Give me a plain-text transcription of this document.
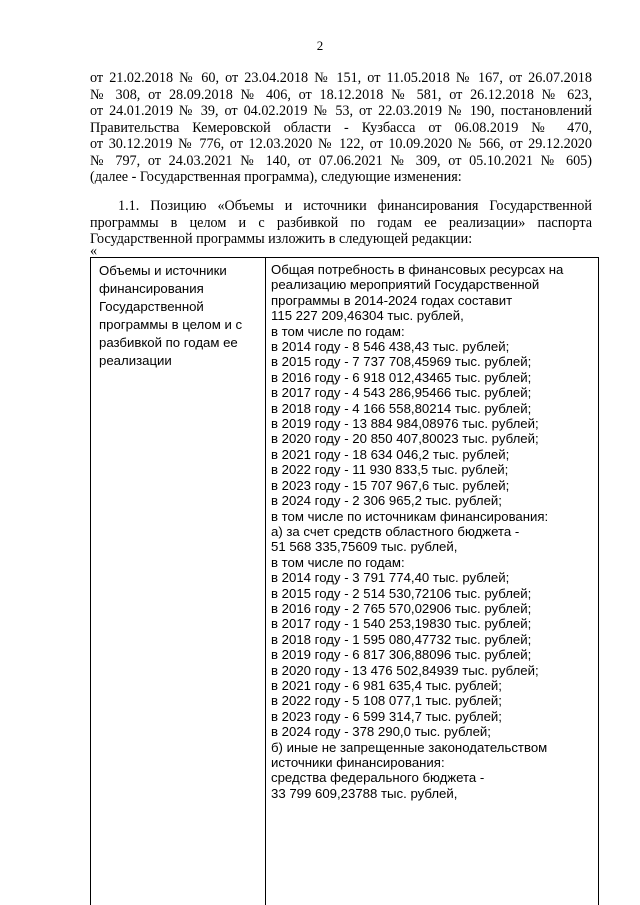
2
от 21.02.2018 № 60, от 23.04.2018 № 151, от 11.05.2018 № 167, от 26.07.2018
№ 308, от 28.09.2018 № 406, от 18.12.2018 № 581, от 26.12.2018 № 623,
от 24.01.2019 № 39, от 04.02.2019 № 53, от 22.03.2019 № 190, постановлений
Правительства Кемеровской области - Кузбасса от 06.08.2019 № 470,
от 30.12.2019 № 776, от 12.03.2020 № 122, от 10.09.2020 № 566, от 29.12.2020
№ 797, от 24.03.2021 № 140, от 07.06.2021 № 309, от 05.10.2021 № 605)
(далее - Государственная программа), следующие изменения:
1.1. Позицию «Объемы и источники финансирования Государственной
программы в целом и с разбивкой по годам ее реализации» паспорта
Государственной программы изложить в следующей редакции:
«
Объемы и источники
финансирования
Государственной
программы в целом и с
разбивкой по годам ее
реализации
Общая потребность в финансовых ресурсах на
реализацию мероприятий Государственной
программы в 2014-2024 годах составит
115 227 209,46304 тыс. рублей,
в том числе по годам:
в 2014 году - 8 546 438,43 тыс. рублей;
в 2015 году - 7 737 708,45969 тыс. рублей;
в 2016 году - 6 918 012,43465 тыс. рублей;
в 2017 году - 4 543 286,95466 тыс. рублей;
в 2018 году - 4 166 558,80214 тыс. рублей;
в 2019 году - 13 884 984,08976 тыс. рублей;
в 2020 году - 20 850 407,80023 тыс. рублей;
в 2021 году - 18 634 046,2 тыс. рублей;
в 2022 году - 11 930 833,5 тыс. рублей;
в 2023 году - 15 707 967,6 тыс. рублей;
в 2024 году - 2 306 965,2 тыс. рублей;
в том числе по источникам финансирования:
а) за счет средств областного бюджета -
51 568 335,75609 тыс. рублей,
в том числе по годам:
в 2014 году - 3 791 774,40 тыс. рублей;
в 2015 году - 2 514 530,72106 тыс. рублей;
в 2016 году - 2 765 570,02906 тыс. рублей;
в 2017 году - 1 540 253,19830 тыс. рублей;
в 2018 году - 1 595 080,47732 тыс. рублей;
в 2019 году - 6 817 306,88096 тыс. рублей;
в 2020 году - 13 476 502,84939 тыс. рублей;
в 2021 году - 6 981 635,4 тыс. рублей;
в 2022 году - 5 108 077,1 тыс. рублей;
в 2023 году - 6 599 314,7 тыс. рублей;
в 2024 году - 378 290,0 тыс. рублей;
б) иные не запрещенные законодательством
источники финансирования:
средства федерального бюджета -
33 799 609,23788 тыс. рублей,
